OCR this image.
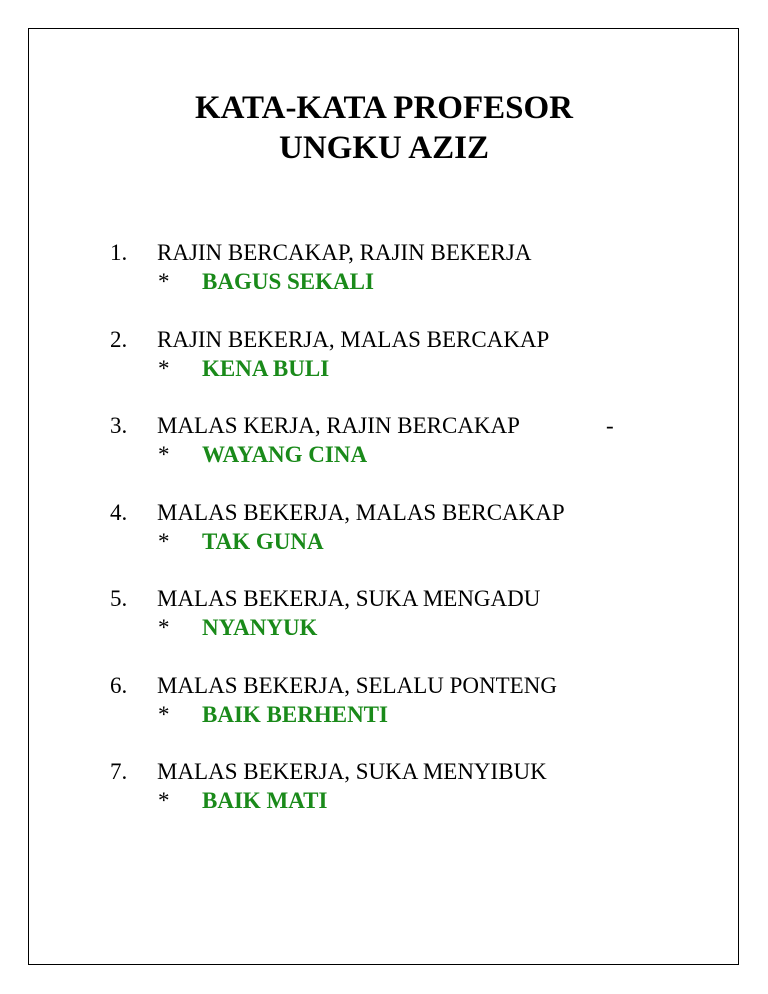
KATA-KATA PROFESOR
UNGKU AZIZ
1. RAJIN BERCAKAP, RAJIN BEKERJA
* BAGUS SEKALI
2. RAJIN BEKERJA, MALAS BERCAKAP
* KENA BULI
3. MALAS KERJA, RAJIN BERCAKAP	-
* WAYANG CINA
4. MALAS BEKERJA, MALAS BERCAKAP
* TAK GUNA
5. MALAS BEKERJA, SUKA MENGADU
* NYANYUK
6. MALAS BEKERJA, SELALU PONTENG
* BAIK BERHENTI
7. MALAS BEKERJA, SUKA MENYIBUK
* BAIK MATI
